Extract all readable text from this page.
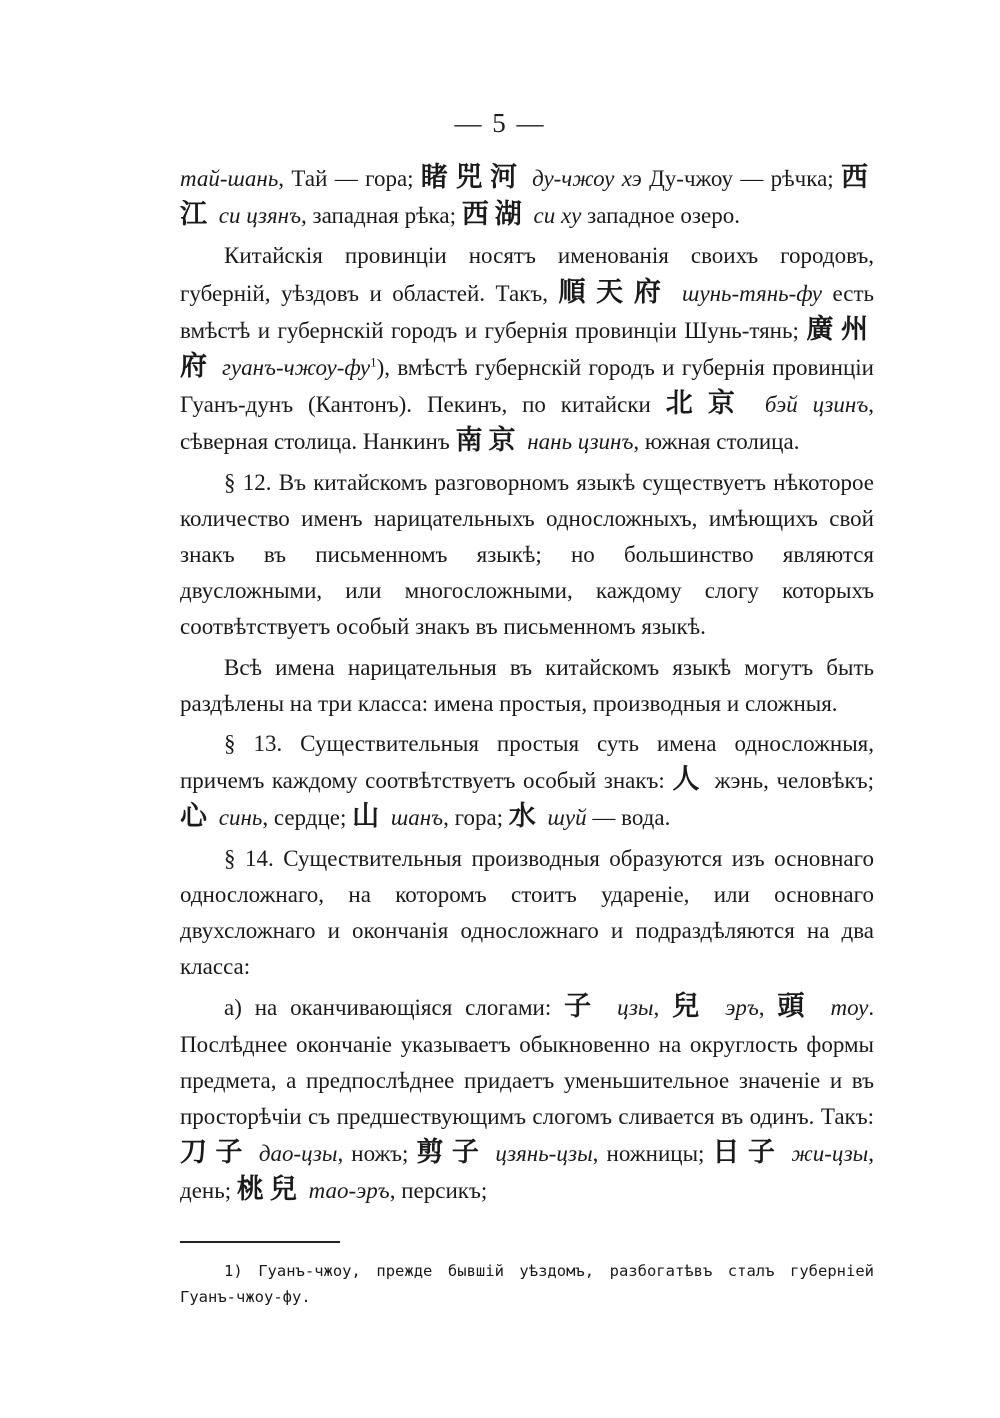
— 5 —

тай-шань, Тай — гора; 睹兕河 ду-чжоу хэ Ду-чжоу — рѣчка; 西江 си цзянъ, западная рѣка; 西湖 си ху западное озеро.

Китайскія провинціи носятъ именованія своихъ городовъ, губерній, уѣздовъ и областей. Такъ, 順天府 шунь-тянь-фу есть вмѣстѣ и губернскій городъ и губернія провинціи Шунь-тянь; 廣州府 гуанъ-$чжоу-фу^1$), вмѣстѣ губернскій городъ и губернія провинціи Гуанъ-дунъ (Кантонъ). Пекинъ, по китайски 北京 бэй цзинъ, сѣверная столица. Нанкинъ 南京 нань цзинъ, южная столица.

§ 12. Въ китайскомъ разговорномъ языкѣ существуетъ нѣкоторое количество именъ нарицательныхъ односложныхъ, имѣющихъ свой знакъ въ письменномъ языкѣ; но большинство являются двусложными, или многосложными, каждому слогу которыхъ соотвѣтствуетъ особый знакъ въ письменномъ языкѣ.

Всѣ имена нарицательныя въ китайскомъ языкѣ могутъ быть раздѣлены на три класса: имена простыя, производныя и сложныя.

§ 13. Существительныя простыя суть имена односложныя, причемъ каждому соотвѣтствуетъ особый знакъ: 人 жэнь, человѣкъ; 心 синь, сердце; 山 шанъ, гора; 水 шуй — вода.

§ 14. Существительныя производныя образуются изъ основнаго односложнаго, на которомъ стоитъ удареніе, или основнаго двухсложнаго и окончанія односложнаго и подраздѣляются на два класса:

а) на оканчивающіяся слогами: 子 цзы, 兒 эръ, 頭 тоу. Послѣднее окончаніе указываетъ обыкновенно на округлость формы предмета, а предпослѣднее придаетъ уменьшительное значеніе и въ просторѣчіи съ предшествующимъ слогомъ сливается въ одинъ. Такъ: 刀子 дао-цзы, ножъ; 剪子 цзянь-цзы, ножницы; 日子 жи-цзы, день; 桃兒 тао-эръ, персикъ;

1) Гуанъ-чжоу, прежде бывшій уѣздомъ, разбогатѣвъ сталъ губерніей Гуанъ-чжоу-фу.
